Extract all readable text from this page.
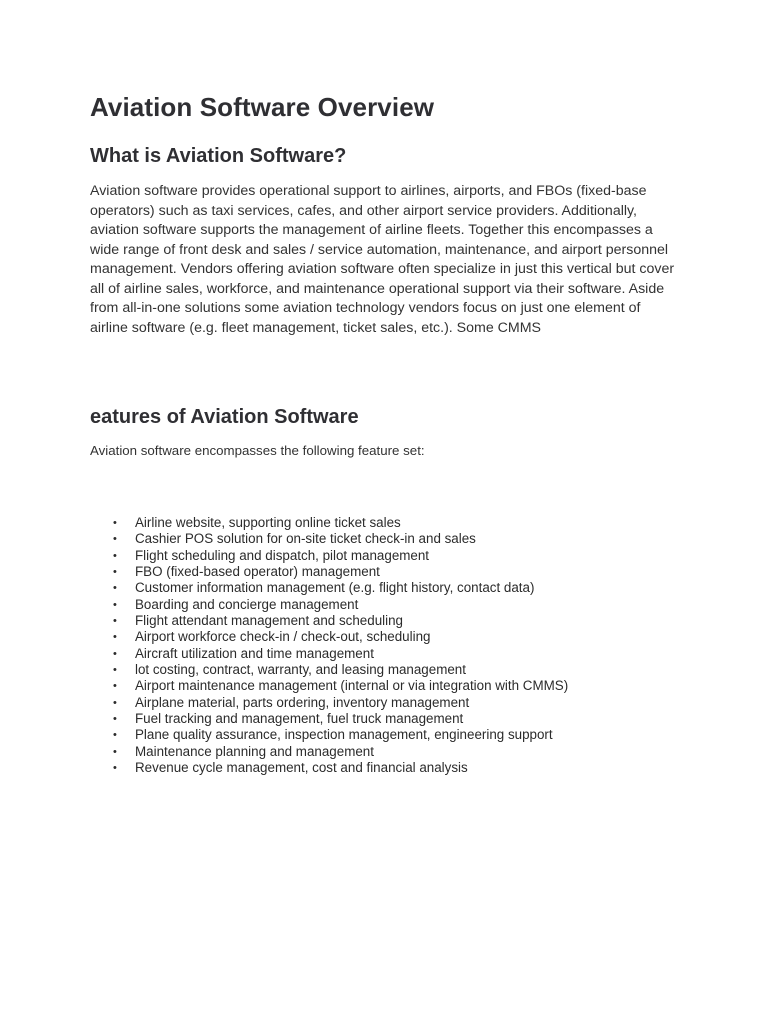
Aviation Software Overview
What is Aviation Software?

Aviation software provides operational support to airlines, airports, and FBOs (fixed-base operators) such as taxi services, cafes, and other airport service providers. Additionally, aviation software supports the management of airline fleets. Together this encompasses a wide range of front desk and sales / service automation, maintenance, and airport personnel management. Vendors offering aviation software often specialize in just this vertical but cover all of airline sales, workforce, and maintenance operational support via their software. Aside from all-in-one solutions some aviation technology vendors focus on just one element of airline software (e.g. fleet management, ticket sales, etc.). Some CMMS

eatures of Aviation Software

Aviation software encompasses the following feature set:

• Airline website, supporting online ticket sales
• Cashier POS solution for on-site ticket check-in and sales
• Flight scheduling and dispatch, pilot management
• FBO (fixed-based operator) management
• Customer information management (e.g. flight history, contact data)
• Boarding and concierge management
• Flight attendant management and scheduling
• Airport workforce check-in / check-out, scheduling
• Aircraft utilization and time management
• lot costing, contract, warranty, and leasing management
• Airport maintenance management (internal or via integration with CMMS)
• Airplane material, parts ordering, inventory management
• Fuel tracking and management, fuel truck management
• Plane quality assurance, inspection management, engineering support
• Maintenance planning and management
• Revenue cycle management, cost and financial analysis
